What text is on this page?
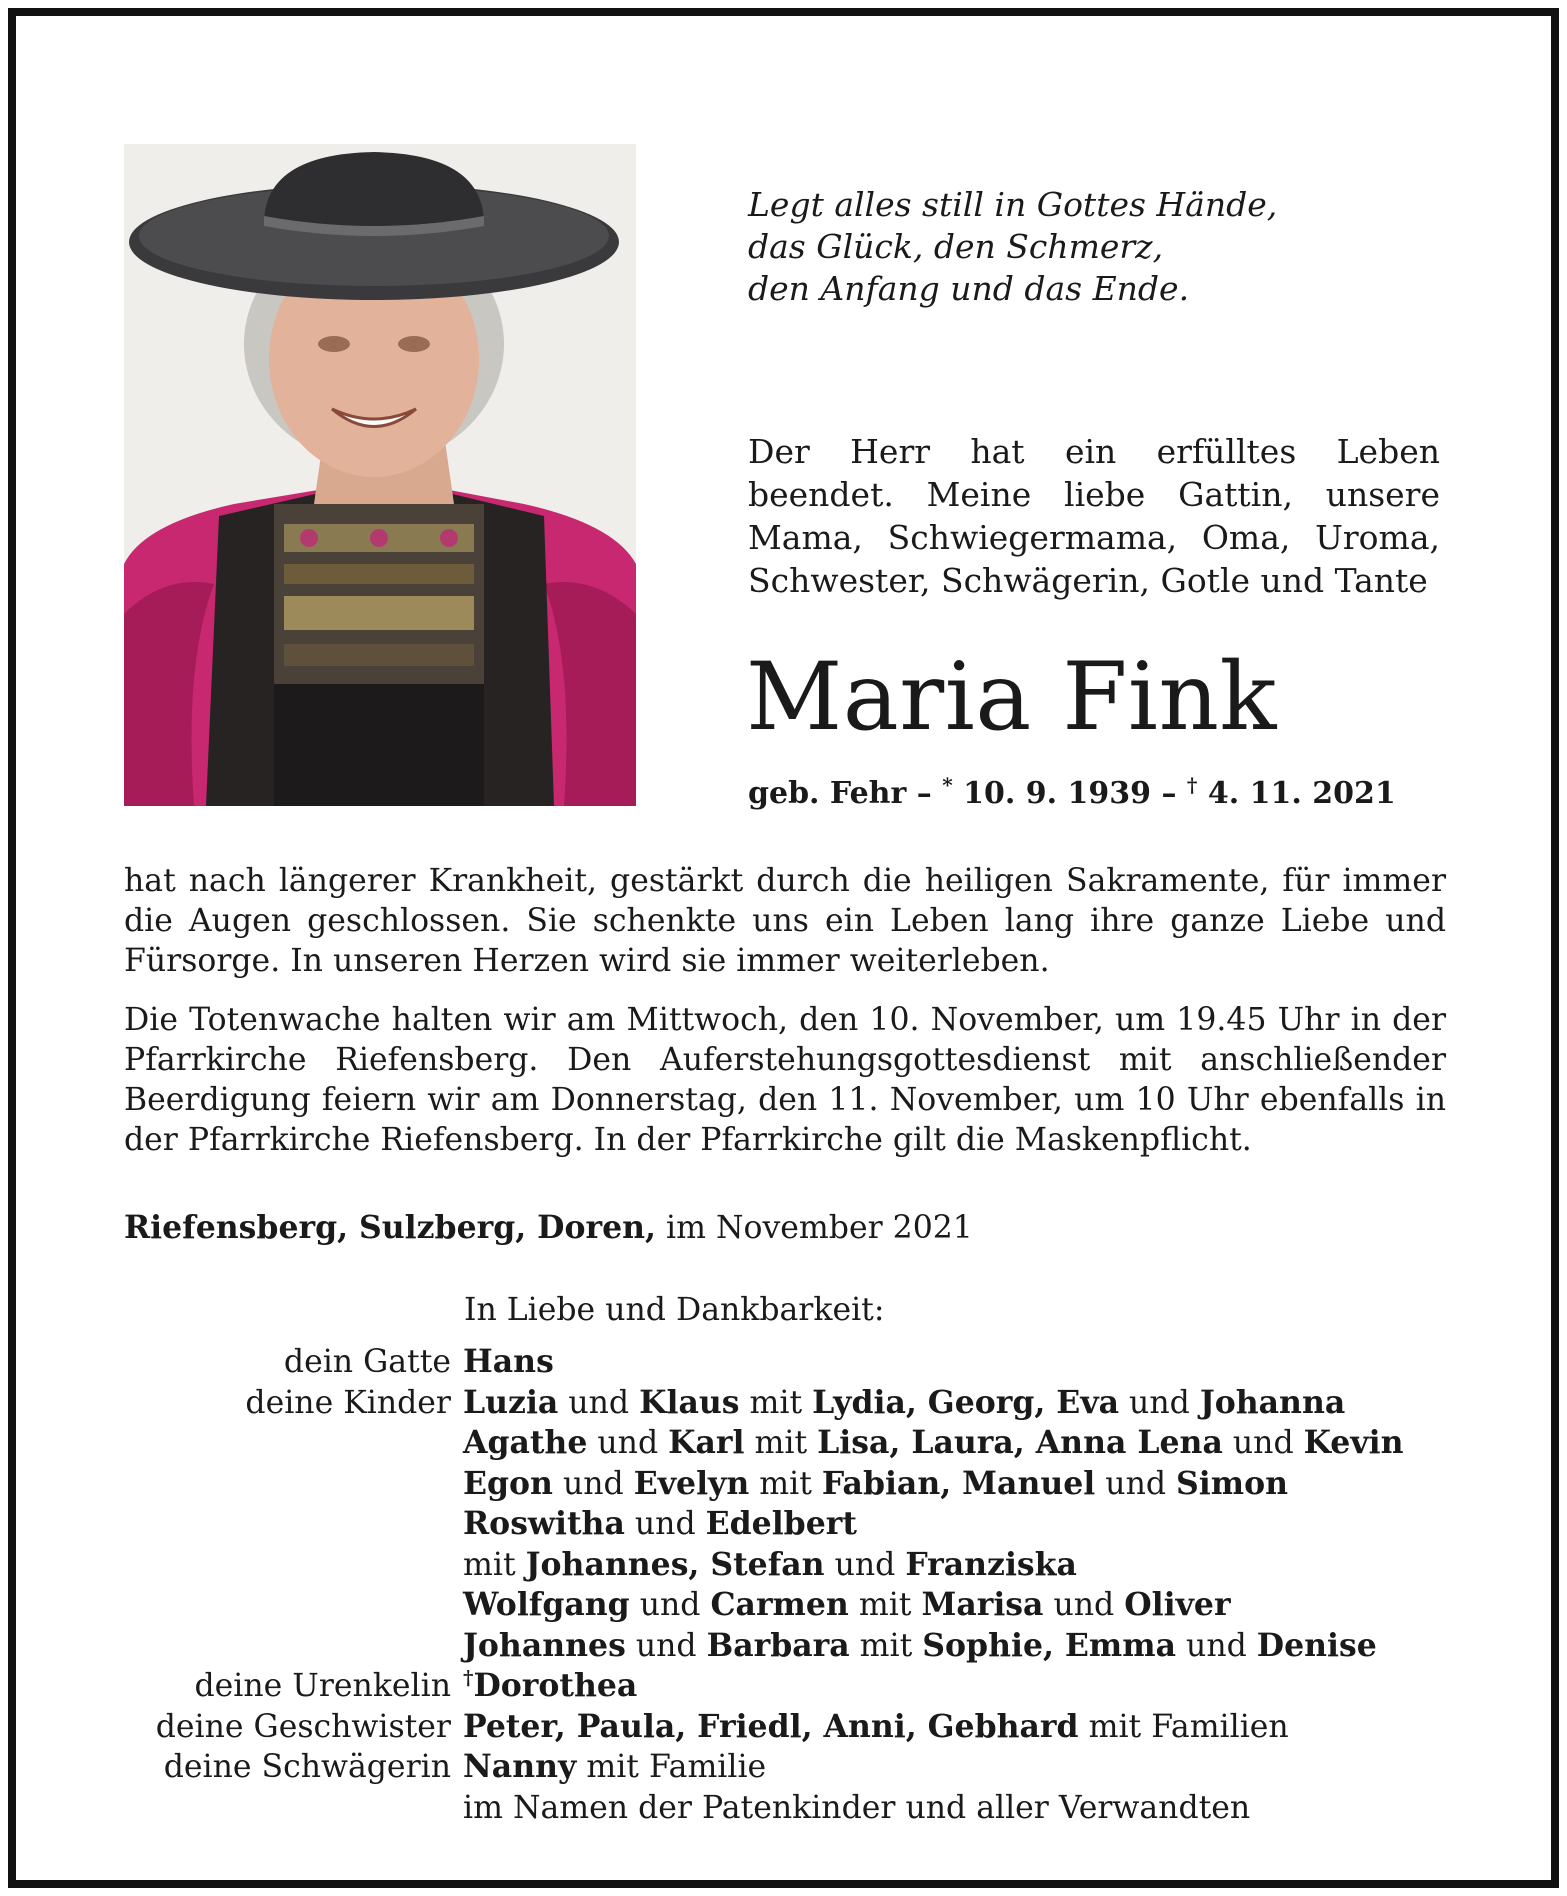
Legt alles still in Gottes Hände,
das Glück, den Schmerz,
den Anfang und das Ende.

Der Herr hat ein erfülltes Leben beendet. Meine liebe Gattin, unsere Mama, Schwiegermama, Oma, Uroma, Schwester, Schwägerin, Gotle und Tante

Maria Fink

geb. Fehr – * 10. 9. 1939 – † 4. 11. 2021

hat nach längerer Krankheit, gestärkt durch die heiligen Sakramente, für immer die Augen geschlossen. Sie schenkte uns ein Leben lang ihre ganze Liebe und Fürsorge. In unseren Herzen wird sie immer weiterleben.

Die Totenwache halten wir am Mittwoch, den 10. November, um 19.45 Uhr in der Pfarrkirche Riefensberg. Den Auferstehungsgottesdienst mit anschließender Beerdigung feiern wir am Donnerstag, den 11. November, um 10 Uhr ebenfalls in der Pfarrkirche Riefensberg. In der Pfarrkirche gilt die Maskenpflicht.

Riefensberg, Sulzberg, Doren, im November 2021

In Liebe und Dankbarkeit:

dein Gatte Hans
deine Kinder Luzia und Klaus mit Lydia, Georg, Eva und Johanna
Agathe und Karl mit Lisa, Laura, Anna Lena und Kevin
Egon und Evelyn mit Fabian, Manuel und Simon
Roswitha und Edelbert
mit Johannes, Stefan und Franziska
Wolfgang und Carmen mit Marisa und Oliver
Johannes und Barbara mit Sophie, Emma und Denise
deine Urenkelin †Dorothea
deine Geschwister Peter, Paula, Friedl, Anni, Gebhard mit Familien
deine Schwägerin Nanny mit Familie
im Namen der Patenkinder und aller Verwandten
